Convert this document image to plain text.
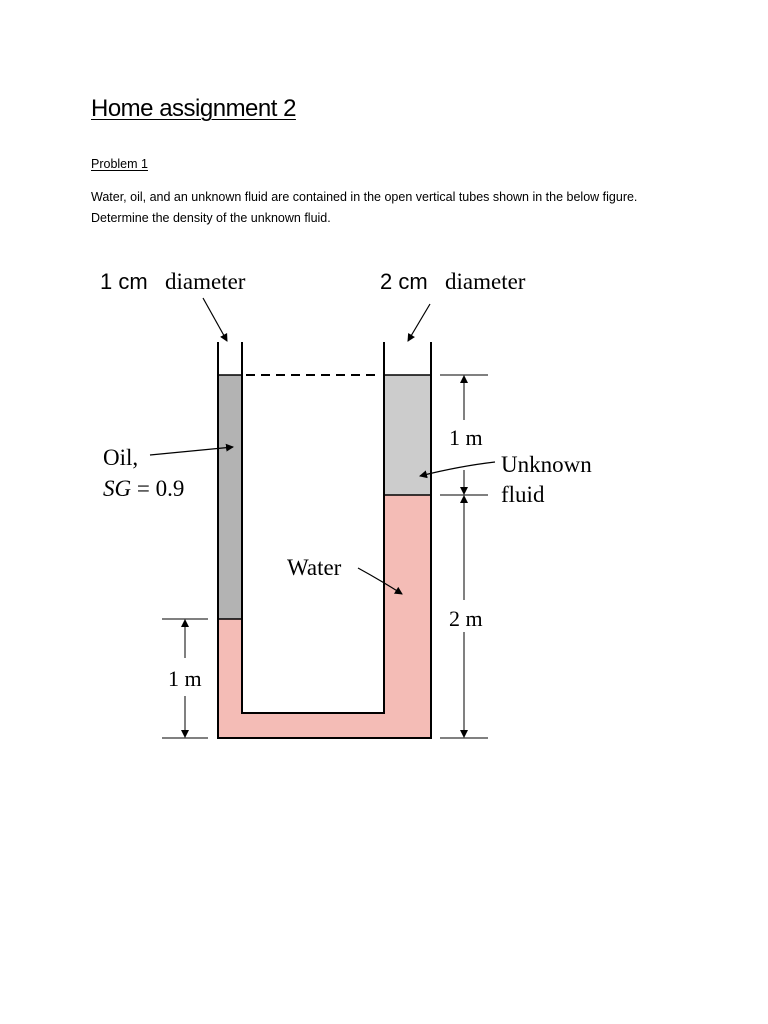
Home assignment 2
Problem 1

Water, oil, and an unknown fluid are contained in the open vertical tubes shown in the below figure. Determine the density of the unknown fluid.

1 cm diameter	2 cm diameter
Oil,
SG = 0.9
Water
Unknown
fluid
1 m
2 m
1 m
